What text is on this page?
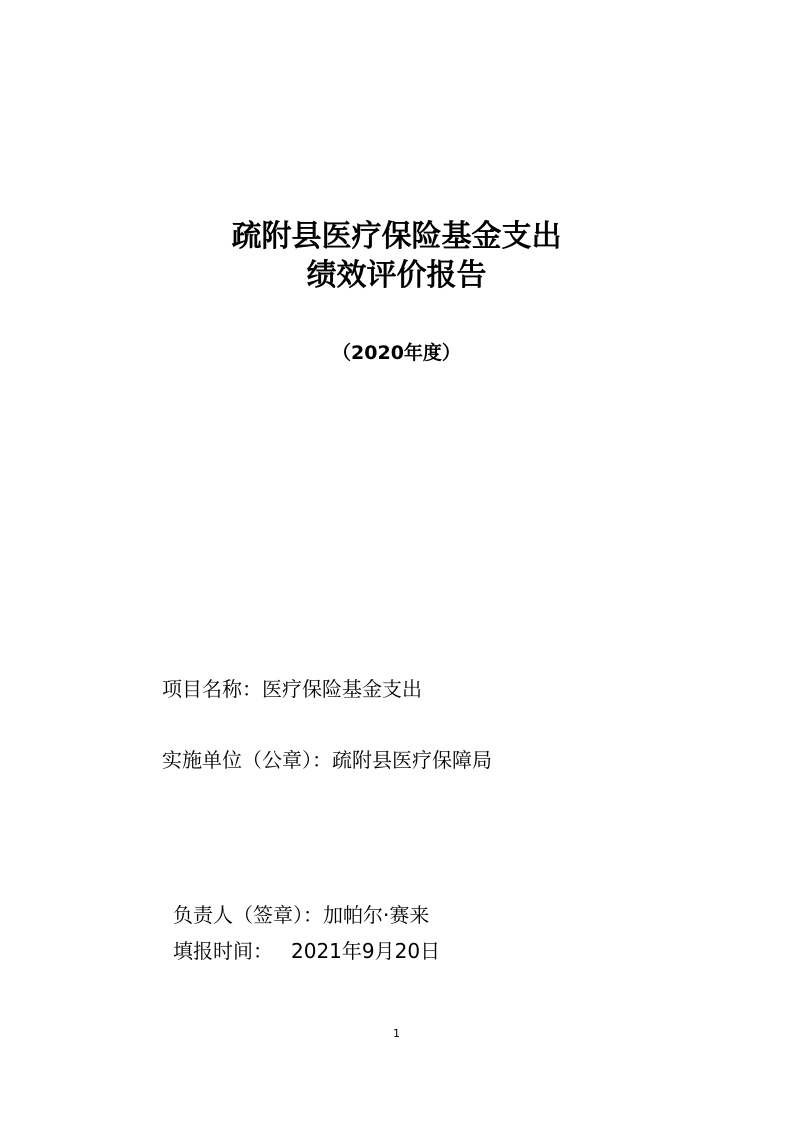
疏附县医疗保险基金支出
绩效评价报告
（2020年度）
项目名称：医疗保险基金支出
实施单位（公章）：疏附县医疗保障局
负责人（签章）：加帕尔·赛来
填报时间： 2021年9月20日
1
